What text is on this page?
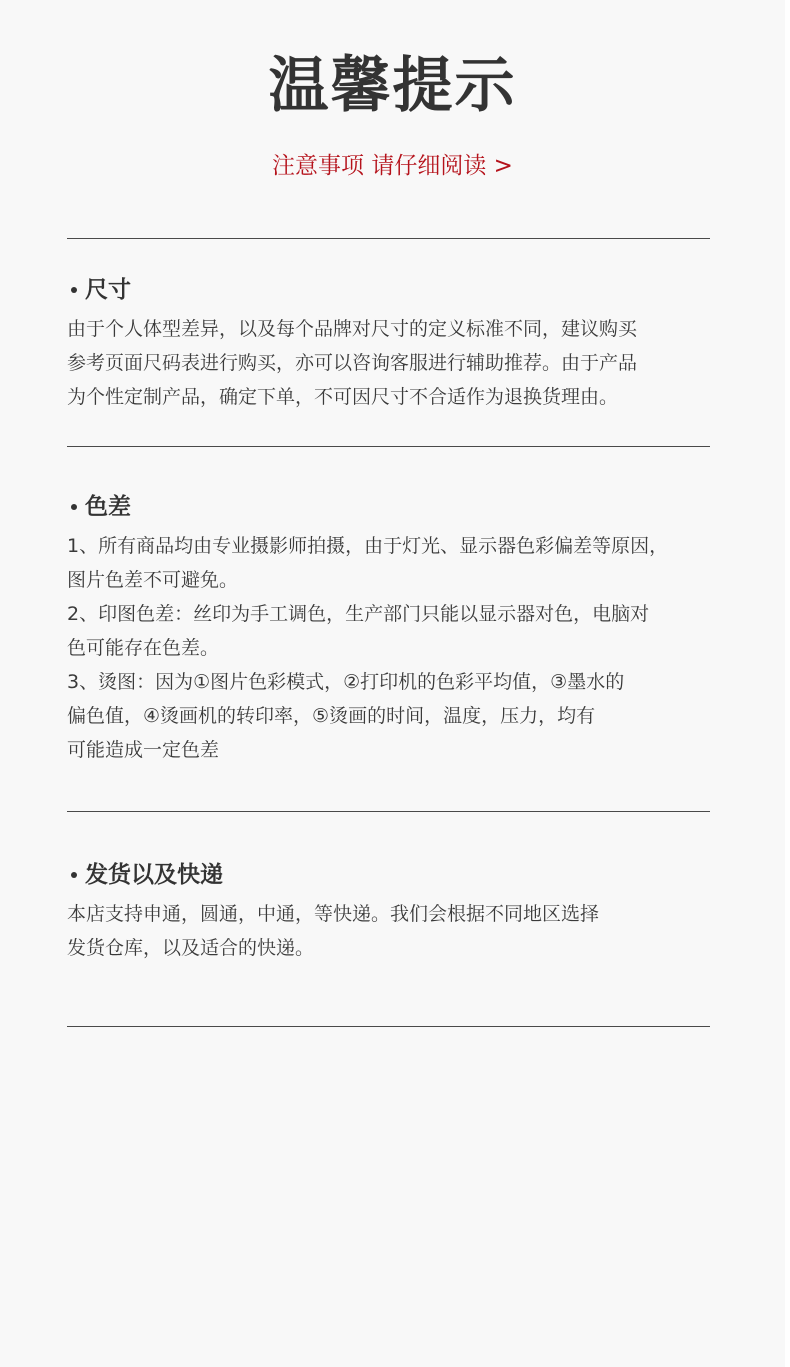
温馨提示
注意事项 请仔细阅读 >
尺寸

由于个人体型差异，以及每个品牌对尺寸的定义标准不同，建议购买

参考页面尺码表进行购买，亦可以咨询客服进行辅助推荐。由于产品

为个性定制产品，确定下单，不可因尺寸不合适作为退换货理由。

色差

1、所有商品均由专业摄影师拍摄，由于灯光、显示器色彩偏差等原因，

图片色差不可避免。

2、印图色差：丝印为手工调色，生产部门只能以显示器对色，电脑对

色可能存在色差。

3、烫图：因为①图片色彩模式，②打印机的色彩平均值，③墨水的

偏色值，④烫画机的转印率，⑤烫画的时间，温度，压力，均有

可能造成一定色差

发货以及快递

本店支持申通，圆通，中通，等快递。我们会根据不同地区选择

发货仓库，以及适合的快递。
